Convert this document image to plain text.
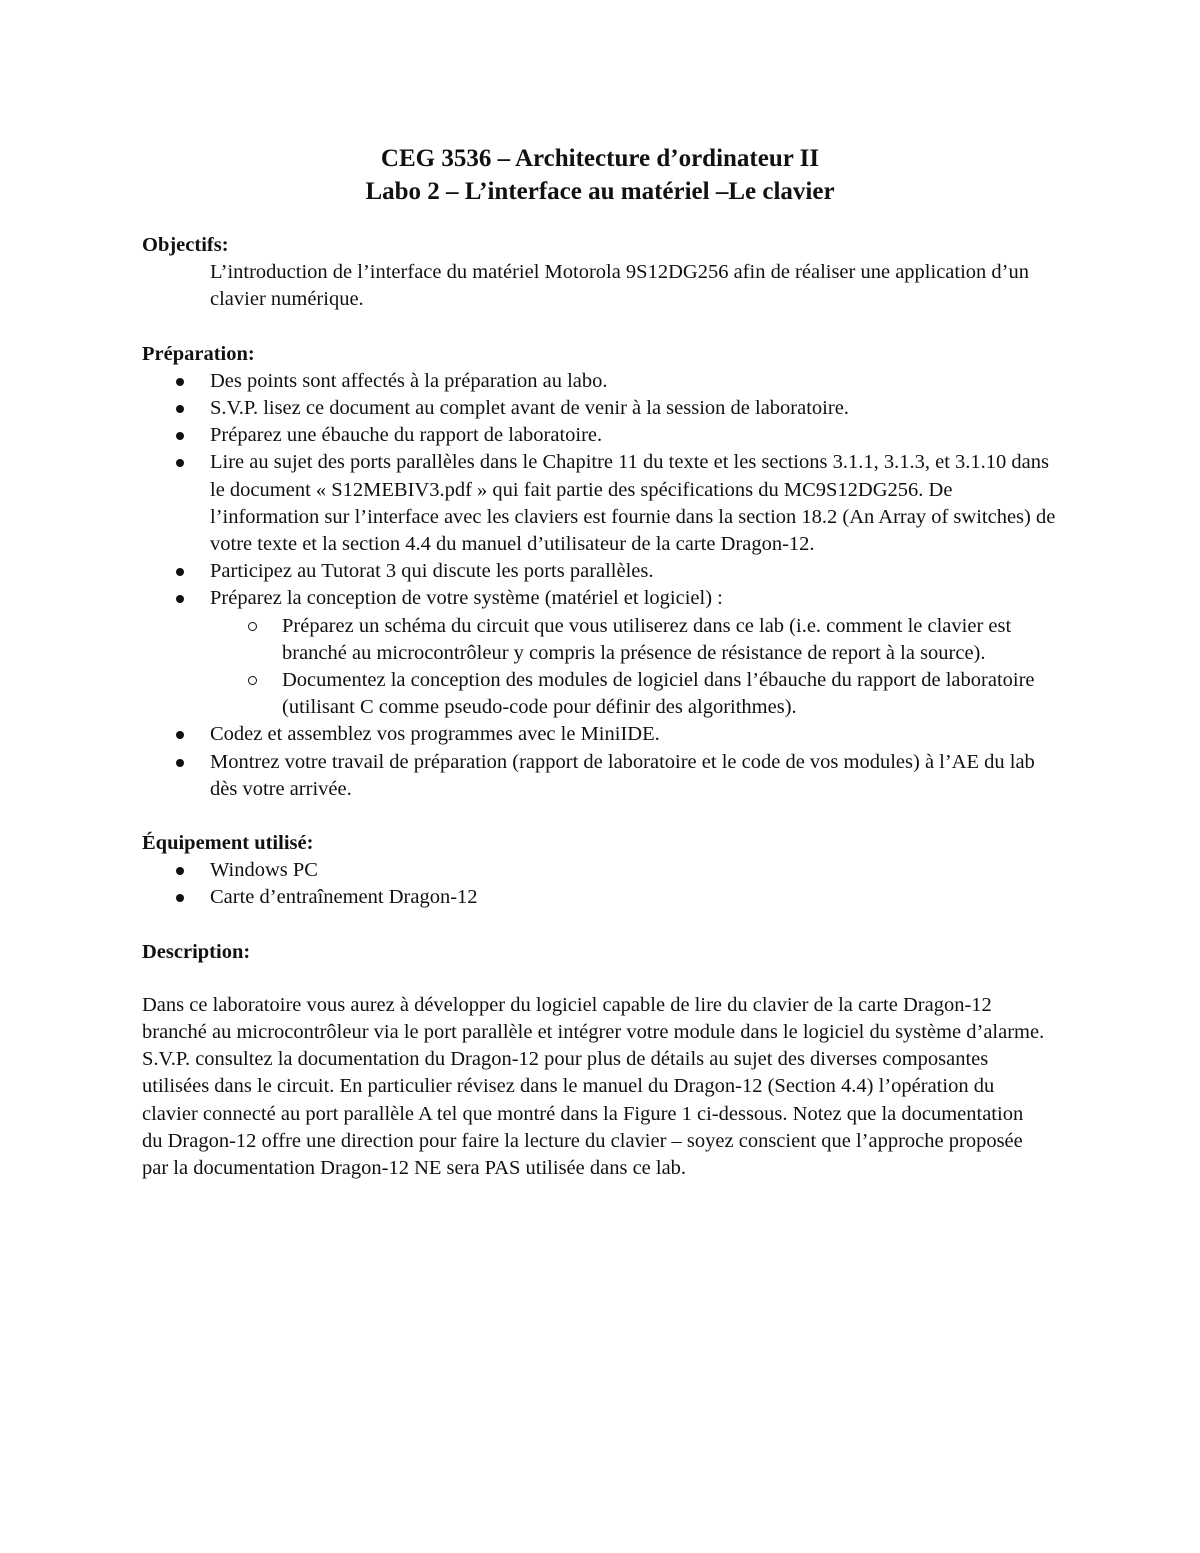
CEG 3536 – Architecture d’ordinateur II
Labo 2 – L’interface au matériel –Le clavier

Objectifs:

L’introduction de l’interface du matériel Motorola 9S12DG256 afin de réaliser une application d’un clavier numérique.

Préparation:

Des points sont affectés à la préparation au labo.
S.V.P. lisez ce document au complet avant de venir à la session de laboratoire.
Préparez une ébauche du rapport de laboratoire.
Lire au sujet des ports parallèles dans le Chapitre 11 du texte et les sections 3.1.1, 3.1.3, et 3.1.10 dans le document « S12MEBIV3.pdf » qui fait partie des spécifications du MC9S12DG256. De l’information sur l’interface avec les claviers est fournie dans la section 18.2 (An Array of switches) de votre texte et la section 4.4 du manuel d’utilisateur de la carte Dragon-12.
Participez au Tutorat 3 qui discute les ports parallèles.
Préparez la conception de votre système (matériel et logiciel) :
Préparez un schéma du circuit que vous utiliserez dans ce lab (i.e. comment le clavier est branché au microcontrôleur y compris la présence de résistance de report à la source).
Documentez la conception des modules de logiciel dans l’ébauche du rapport de laboratoire (utilisant C comme pseudo-code pour définir des algorithmes).
Codez et assemblez vos programmes avec le MiniIDE.
Montrez votre travail de préparation (rapport de laboratoire et le code de vos modules) à l’AE du lab dès votre arrivée.

Équipement utilisé:

Windows PC
Carte d’entraînement Dragon-12

Description:

Dans ce laboratoire vous aurez à développer du logiciel capable de lire du clavier de la carte Dragon-12 branché au microcontrôleur via le port parallèle et intégrer votre module dans le logiciel du système d’alarme. S.V.P. consultez la documentation du Dragon-12 pour plus de détails au sujet des diverses composantes utilisées dans le circuit. En particulier révisez dans le manuel du Dragon-12 (Section 4.4) l’opération du clavier connecté au port parallèle A tel que montré dans la Figure 1 ci-dessous. Notez que la documentation du Dragon-12 offre une direction pour faire la lecture du clavier – soyez conscient que l’approche proposée par la documentation Dragon-12 NE sera PAS utilisée dans ce lab.
